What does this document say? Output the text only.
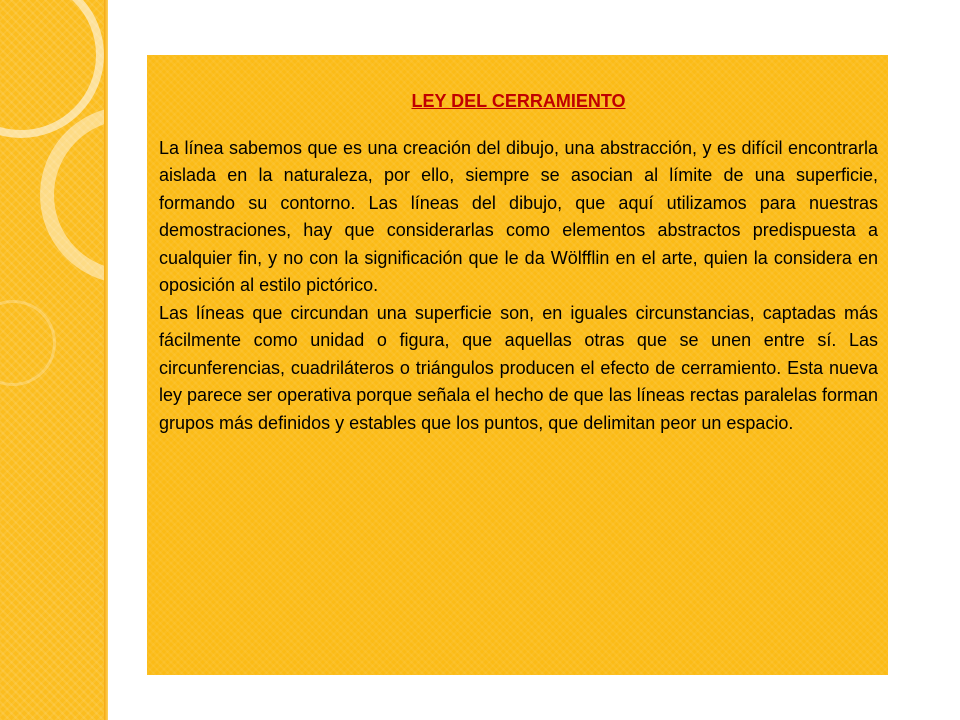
LEY DEL CERRAMIENTO

La línea sabemos que es una creación del dibujo, una abstracción, y es difícil encontrarla aislada en la naturaleza, por ello, siempre se asocian al límite de una superficie, formando su contorno. Las líneas del dibujo, que aquí utilizamos para nuestras demostraciones, hay que considerarlas como elementos abstractos predispuesta a cualquier fin, y no con la significación que le da Wölfflin en el arte, quien la considera en oposición al estilo pictórico.

Las líneas que circundan una superficie son, en iguales circunstancias, captadas más fácilmente como unidad o figura, que aquellas otras que se unen entre sí. Las circunferencias, cuadriláteros o triángulos producen el efecto de cerramiento. Esta nueva ley parece ser operativa porque señala el hecho de que las líneas rectas paralelas forman grupos más definidos y estables que los puntos, que delimitan peor un espacio.
